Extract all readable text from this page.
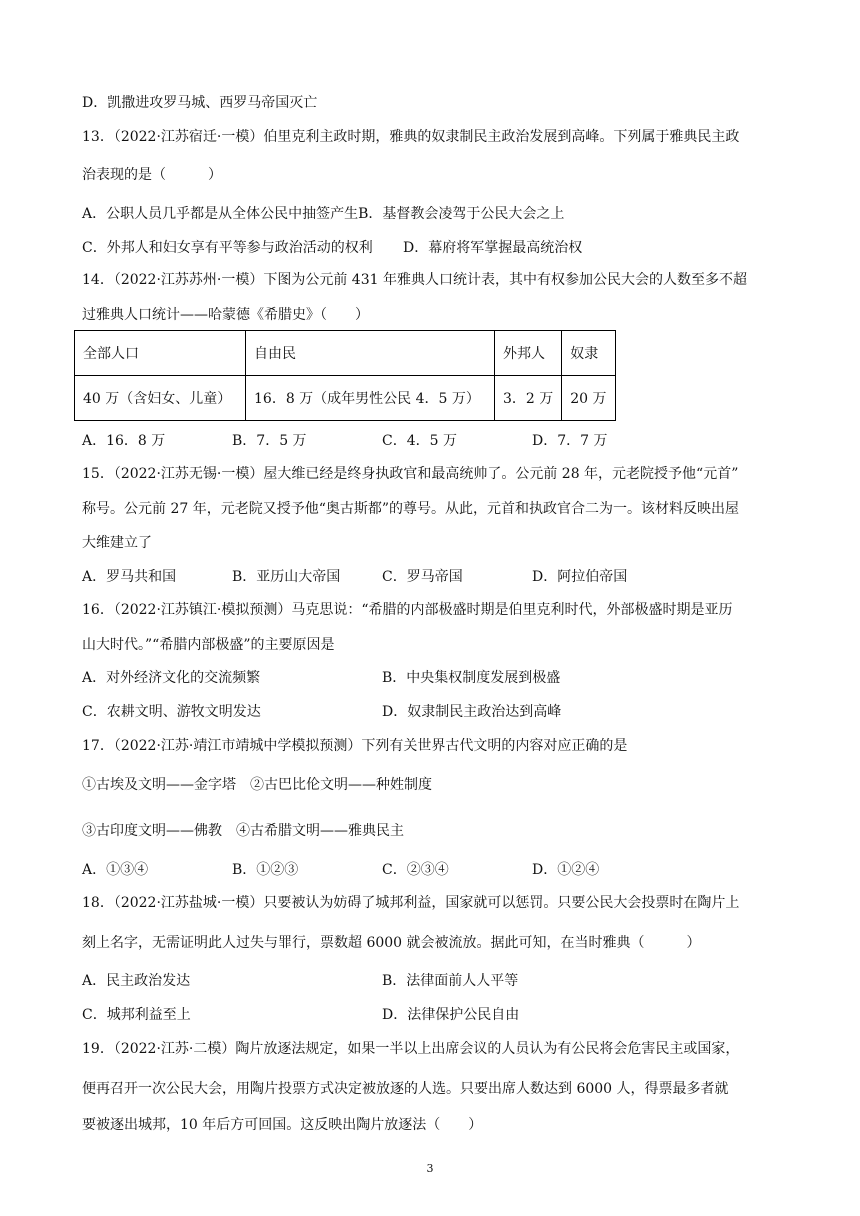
D．凯撒进攻罗马城、西罗马帝国灭亡
13．（2022·江苏宿迁·一模）伯里克利主政时期，雅典的奴隶制民主政治发展到高峰。下列属于雅典民主政
治表现的是（　　　）
A．公职人员几乎都是从全体公民中抽签产生B．基督教会凌驾于公民大会之上
C．外邦人和妇女享有平等参与政治活动的权利 D．幕府将军掌握最高统治权
14．（2022·江苏苏州·一模）下图为公元前 431 年雅典人口统计表，其中有权参加公民大会的人数至多不超
过雅典人口统计——哈蒙德《希腊史》（　　）
全部人口	自由民	外邦人	奴隶
40 万（含妇女、儿童）	16．8 万（成年男性公民 4．5 万）	3．2 万	20 万
A．16．8 万	B．7．5 万	C．4．5 万	D．7．7 万
15．（2022·江苏无锡·一模）屋大维已经是终身执政官和最高统帅了。公元前 28 年，元老院授予他“元首”
称号。公元前 27 年，元老院又授予他“奥古斯都”的尊号。从此，元首和执政官合二为一。该材料反映出屋
大维建立了
A．罗马共和国	B．亚历山大帝国	C．罗马帝国	D．阿拉伯帝国
16．（2022·江苏镇江·模拟预测）马克思说：“希腊的内部极盛时期是伯里克利时代，外部极盛时期是亚历
山大时代。”“希腊内部极盛”的主要原因是
A．对外经济文化的交流频繁	B．中央集权制度发展到极盛
C．农耕文明、游牧文明发达	D．奴隶制民主政治达到高峰
17．（2022·江苏·靖江市靖城中学模拟预测）下列有关世界古代文明的内容对应正确的是
①古埃及文明——金字塔　②古巴比伦文明——种姓制度
③古印度文明——佛教　④古希腊文明——雅典民主
A．①③④	B．①②③	C．②③④	D．①②④
18．（2022·江苏盐城·一模）只要被认为妨碍了城邦利益，国家就可以惩罚。只要公民大会投票时在陶片上
刻上名字，无需证明此人过失与罪行，票数超 6000 就会被流放。据此可知，在当时雅典（　　　）
A．民主政治发达	B．法律面前人人平等
C．城邦利益至上	D．法律保护公民自由
19．（2022·江苏·二模）陶片放逐法规定，如果一半以上出席会议的人员认为有公民将会危害民主或国家，
便再召开一次公民大会，用陶片投票方式决定被放逐的人选。只要出席人数达到 6000 人，得票最多者就
要被逐出城邦，10 年后方可回国。这反映出陶片放逐法（　　）
3
